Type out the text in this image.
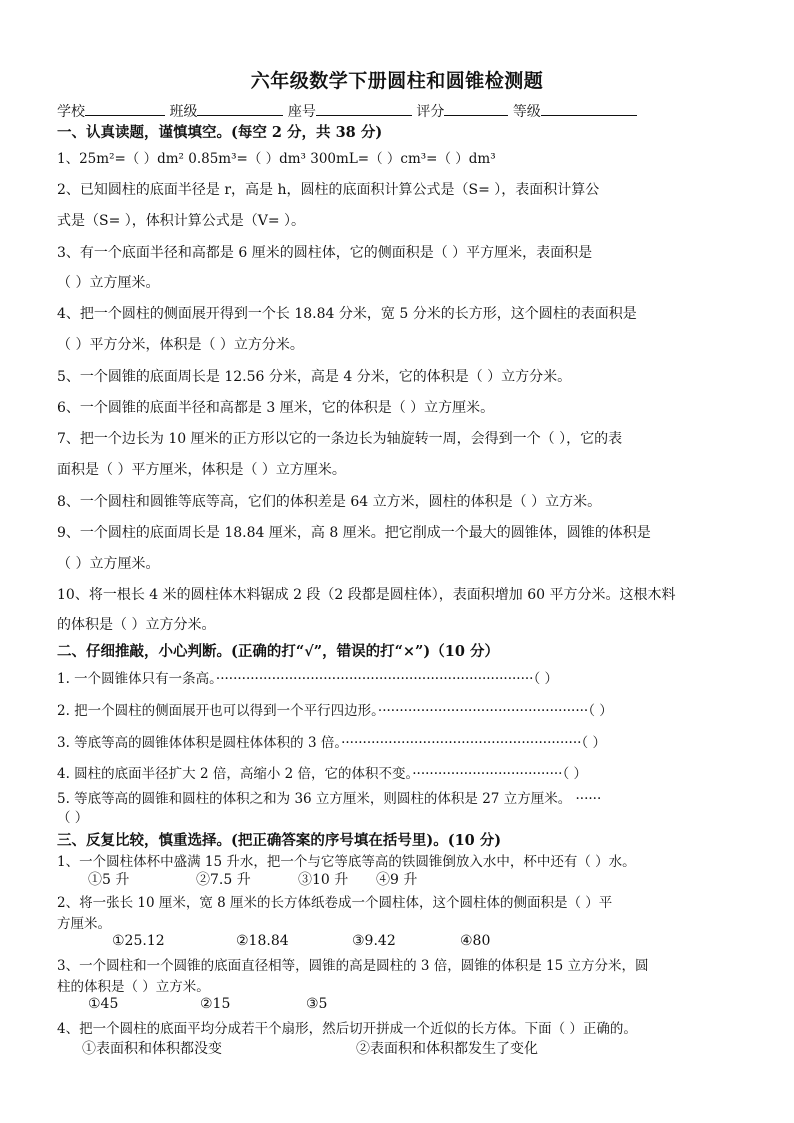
六年级数学下册圆柱和圆锥检测题
学校	班级	座号	评分	等级
一、认真读题，谨慎填空。(每空 2 分，共 38 分)
1、25m²=（ ）dm² 0.85m³=（ ）dm³ 300mL=（ ）cm³=（ ）dm³
2、已知圆柱的底面半径是 r，高是 h，圆柱的底面积计算公式是（S= ），表面积计算公
式是（S= ），体积计算公式是（V= ）。
3、有一个底面半径和高都是 6 厘米的圆柱体，它的侧面积是（ ）平方厘米，表面积是
（ ）立方厘米。
4、把一个圆柱的侧面展开得到一个长 18.84 分米，宽 5 分米的长方形，这个圆柱的表面积是
（ ）平方分米，体积是（ ）立方分米。
5、一个圆锥的底面周长是 12.56 分米，高是 4 分米，它的体积是（ ）立方分米。
6、一个圆锥的底面半径和高都是 3 厘米，它的体积是（ ）立方厘米。
7、把一个边长为 10 厘米的正方形以它的一条边长为轴旋转一周，会得到一个（ ），它的表
面积是（ ）平方厘米，体积是（ ）立方厘米。
8、一个圆柱和圆锥等底等高，它们的体积差是 64 立方米，圆柱的体积是（ ）立方米。
9、一个圆柱的底面周长是 18.84 厘米，高 8 厘米。把它削成一个最大的圆锥体，圆锥的体积是
（ ）立方厘米。
10、将一根长 4 米的圆柱体木料锯成 2 段（2 段都是圆柱体），表面积增加 60 平方分米。这根木料
的体积是（ ）立方分米。
二、仔细推敲，小心判断。(正确的打“√”，错误的打“×”)（10 分）
1. 一个圆锥体只有一条高。··········································································（ ）
2. 把一个圆柱的侧面展开也可以得到一个平行四边形。·················································（ ）
3. 等底等高的圆锥体体积是圆柱体体积的 3 倍。························································（ ）
4. 圆柱的底面半径扩大 2 倍，高缩小 2 倍，它的体积不变。···································（ ）
5. 等底等高的圆锥和圆柱的体积之和为 36 立方厘米，则圆柱的体积是 27 立方厘米。 ······
（ ）
三、反复比较，慎重选择。(把正确答案的序号填在括号里)。(10 分)
1、一个圆柱体杯中盛满 15 升水，把一个与它等底等高的铁圆锥倒放入水中，杯中还有（ ）水。
①5 升	②7.5 升	③10 升 ④9 升
2、将一张长 10 厘米，宽 8 厘米的长方体纸卷成一个圆柱体，这个圆柱体的侧面积是（ ）平
方厘米。
①25.12	②18.84	③9.42	④80
3、一个圆柱和一个圆锥的底面直径相等，圆锥的高是圆柱的 3 倍，圆锥的体积是 15 立方分米，圆
柱的体积是（ ）立方米。
①45	②15	③5
4、把一个圆柱的底面平均分成若干个扇形，然后切开拼成一个近似的长方体。下面（ ）正确的。
①表面积和体积都没变	②表面积和体积都发生了变化
